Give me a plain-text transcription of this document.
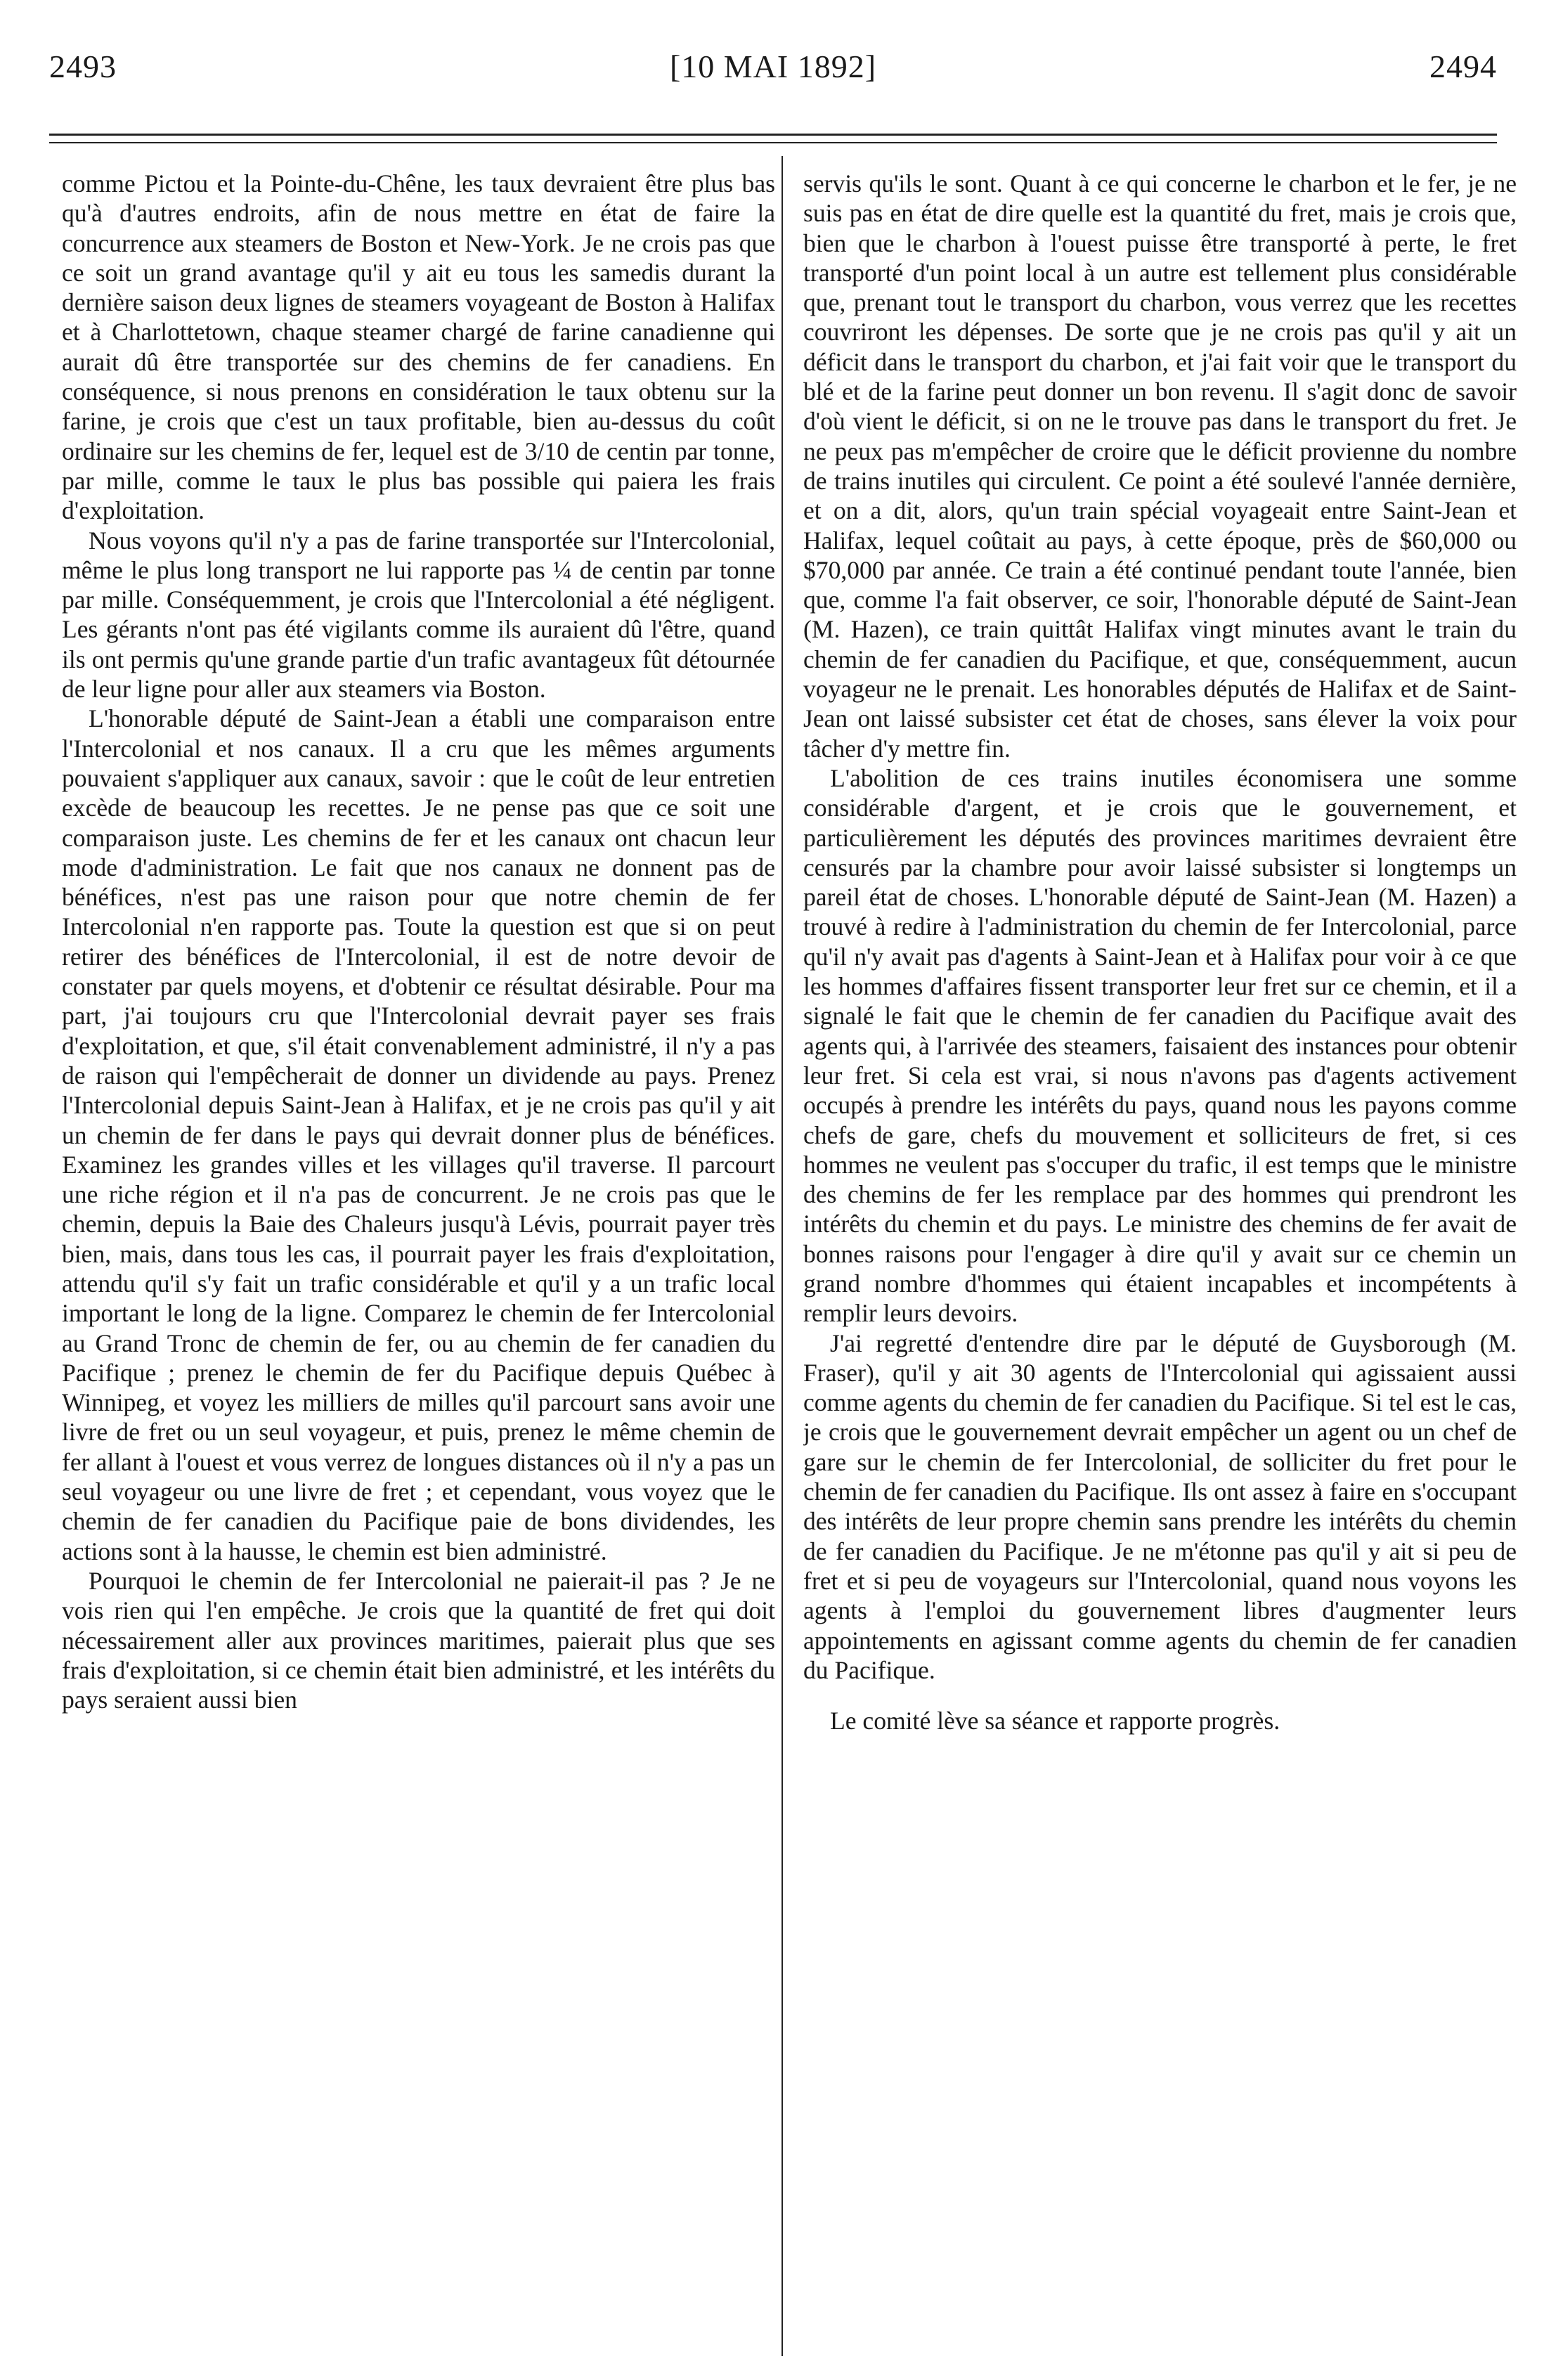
2493	[10 MAI 1892]	2494

comme Pictou et la Pointe-du-Chêne, les taux devraient être plus bas qu'à d'autres endroits, afin de nous mettre en état de faire la concurrence aux steamers de Boston et New-York. Je ne crois pas que ce soit un grand avantage qu'il y ait eu tous les samedis durant la dernière saison deux lignes de steamers voyageant de Boston à Halifax et à Charlottetown, chaque steamer chargé de farine canadienne qui aurait dû être transportée sur des chemins de fer canadiens. En conséquence, si nous prenons en considération le taux obtenu sur la farine, je crois que c'est un taux profitable, bien au-dessus du coût ordinaire sur les chemins de fer, lequel est de 3/10 de centin par tonne, par mille, comme le taux le plus bas possible qui paiera les frais d'exploitation.

Nous voyons qu'il n'y a pas de farine transportée sur l'Intercolonial, même le plus long transport ne lui rapporte pas ¼ de centin par tonne par mille. Conséquemment, je crois que l'Intercolonial a été négligent. Les gérants n'ont pas été vigilants comme ils auraient dû l'être, quand ils ont permis qu'une grande partie d'un trafic avantageux fût détournée de leur ligne pour aller aux steamers via Boston.

L'honorable député de Saint-Jean a établi une comparaison entre l'Intercolonial et nos canaux. Il a cru que les mêmes arguments pouvaient s'appliquer aux canaux, savoir : que le coût de leur entretien excède de beaucoup les recettes. Je ne pense pas que ce soit une comparaison juste. Les chemins de fer et les canaux ont chacun leur mode d'administration. Le fait que nos canaux ne donnent pas de bénéfices, n'est pas une raison pour que notre chemin de fer Intercolonial n'en rapporte pas. Toute la question est que si on peut retirer des bénéfices de l'Intercolonial, il est de notre devoir de constater par quels moyens, et d'obtenir ce résultat désirable. Pour ma part, j'ai toujours cru que l'Intercolonial devrait payer ses frais d'exploitation, et que, s'il était convenablement administré, il n'y a pas de raison qui l'empêcherait de donner un dividende au pays. Prenez l'Intercolonial depuis Saint-Jean à Halifax, et je ne crois pas qu'il y ait un chemin de fer dans le pays qui devrait donner plus de bénéfices. Examinez les grandes villes et les villages qu'il traverse. Il parcourt une riche région et il n'a pas de concurrent. Je ne crois pas que le chemin, depuis la Baie des Chaleurs jusqu'à Lévis, pourrait payer très bien, mais, dans tous les cas, il pourrait payer les frais d'exploitation, attendu qu'il s'y fait un trafic considérable et qu'il y a un trafic local important le long de la ligne. Comparez le chemin de fer Intercolonial au Grand Tronc de chemin de fer, ou au chemin de fer canadien du Pacifique ; prenez le chemin de fer du Pacifique depuis Québec à Winnipeg, et voyez les milliers de milles qu'il parcourt sans avoir une livre de fret ou un seul voyageur, et puis, prenez le même chemin de fer allant à l'ouest et vous verrez de longues distances où il n'y a pas un seul voyageur ou une livre de fret ; et cependant, vous voyez que le chemin de fer canadien du Pacifique paie de bons dividendes, les actions sont à la hausse, le chemin est bien administré.

Pourquoi le chemin de fer Intercolonial ne paierait-il pas ? Je ne vois rien qui l'en empêche. Je crois que la quantité de fret qui doit nécessairement aller aux provinces maritimes, paierait plus que ses frais d'exploitation, si ce chemin était bien administré, et les intérêts du pays seraient aussi bien

servis qu'ils le sont. Quant à ce qui concerne le charbon et le fer, je ne suis pas en état de dire quelle est la quantité du fret, mais je crois que, bien que le charbon à l'ouest puisse être transporté à perte, le fret transporté d'un point local à un autre est tellement plus considérable que, prenant tout le transport du charbon, vous verrez que les recettes couvriront les dépenses. De sorte que je ne crois pas qu'il y ait un déficit dans le transport du charbon, et j'ai fait voir que le transport du blé et de la farine peut donner un bon revenu. Il s'agit donc de savoir d'où vient le déficit, si on ne le trouve pas dans le transport du fret. Je ne peux pas m'empêcher de croire que le déficit provienne du nombre de trains inutiles qui circulent. Ce point a été soulevé l'année dernière, et on a dit, alors, qu'un train spécial voyageait entre Saint-Jean et Halifax, lequel coûtait au pays, à cette époque, près de $60,000 ou $70,000 par année. Ce train a été continué pendant toute l'année, bien que, comme l'a fait observer, ce soir, l'honorable député de Saint-Jean (M. Hazen), ce train quittât Halifax vingt minutes avant le train du chemin de fer canadien du Pacifique, et que, conséquemment, aucun voyageur ne le prenait. Les honorables députés de Halifax et de Saint-Jean ont laissé subsister cet état de choses, sans élever la voix pour tâcher d'y mettre fin.

L'abolition de ces trains inutiles économisera une somme considérable d'argent, et je crois que le gouvernement, et particulièrement les députés des provinces maritimes devraient être censurés par la chambre pour avoir laissé subsister si longtemps un pareil état de choses. L'honorable député de Saint-Jean (M. Hazen) a trouvé à redire à l'administration du chemin de fer Intercolonial, parce qu'il n'y avait pas d'agents à Saint-Jean et à Halifax pour voir à ce que les hommes d'affaires fissent transporter leur fret sur ce chemin, et il a signalé le fait que le chemin de fer canadien du Pacifique avait des agents qui, à l'arrivée des steamers, faisaient des instances pour obtenir leur fret. Si cela est vrai, si nous n'avons pas d'agents activement occupés à prendre les intérêts du pays, quand nous les payons comme chefs de gare, chefs du mouvement et solliciteurs de fret, si ces hommes ne veulent pas s'occuper du trafic, il est temps que le ministre des chemins de fer les remplace par des hommes qui prendront les intérêts du chemin et du pays. Le ministre des chemins de fer avait de bonnes raisons pour l'engager à dire qu'il y avait sur ce chemin un grand nombre d'hommes qui étaient incapables et incompétents à remplir leurs devoirs.

J'ai regretté d'entendre dire par le député de Guysborough (M. Fraser), qu'il y ait 30 agents de l'Intercolonial qui agissaient aussi comme agents du chemin de fer canadien du Pacifique. Si tel est le cas, je crois que le gouvernement devrait empêcher un agent ou un chef de gare sur le chemin de fer Intercolonial, de solliciter du fret pour le chemin de fer canadien du Pacifique. Ils ont assez à faire en s'occupant des intérêts de leur propre chemin sans prendre les intérêts du chemin de fer canadien du Pacifique. Je ne m'étonne pas qu'il y ait si peu de fret et si peu de voyageurs sur l'Intercolonial, quand nous voyons les agents à l'emploi du gouvernement libres d'augmenter leurs appointements en agissant comme agents du chemin de fer canadien du Pacifique.

Le comité lève sa séance et rapporte progrès.
